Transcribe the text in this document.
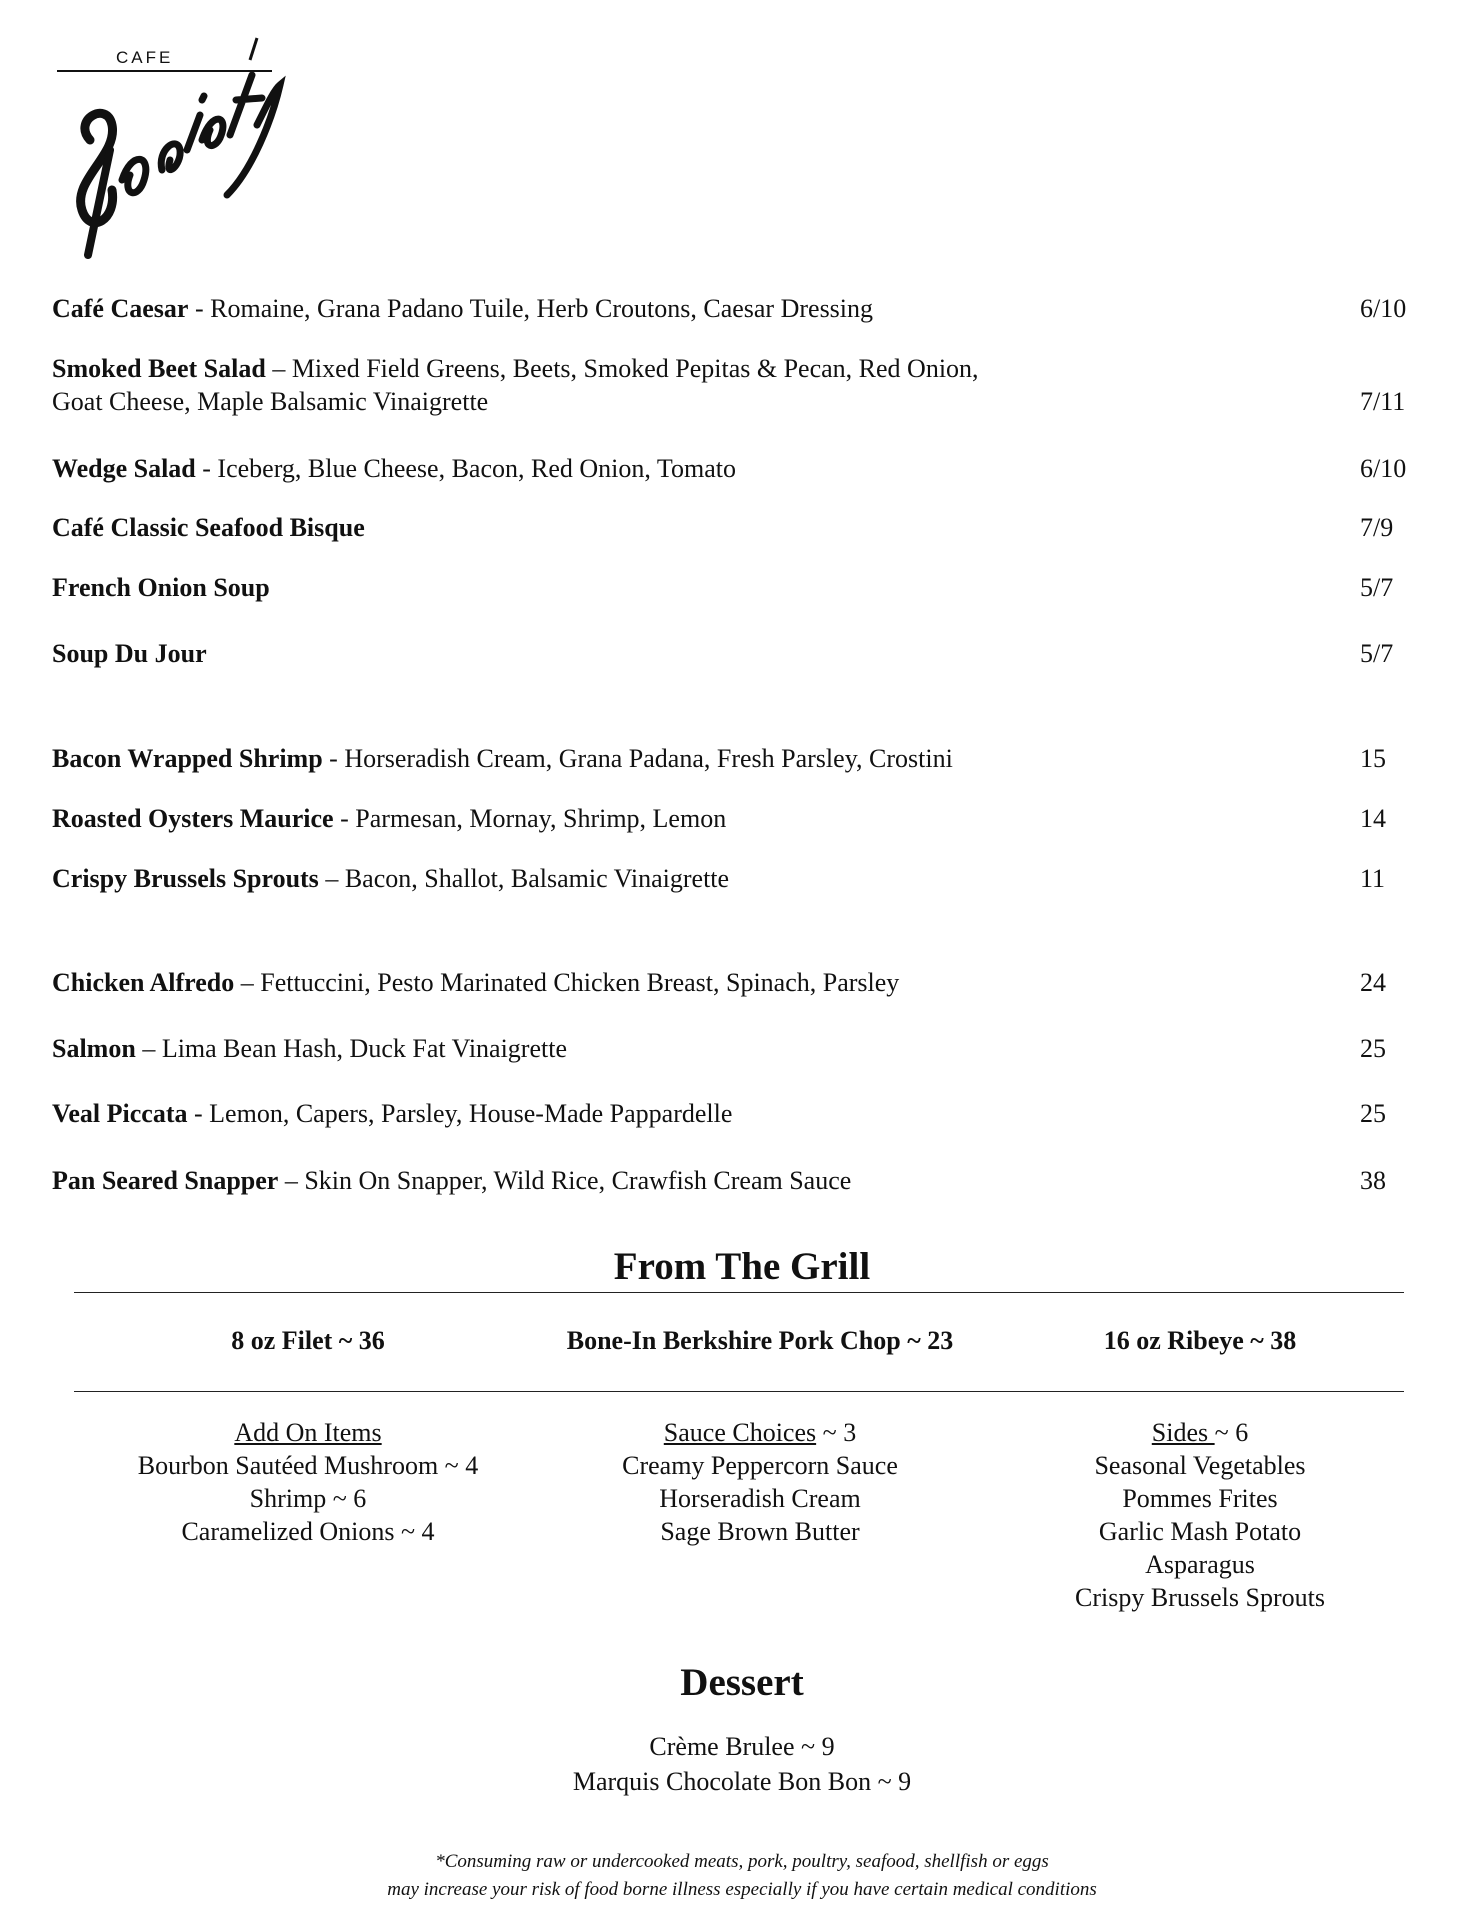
CAFE
Café Caesar - Romaine, Grana Padano Tuile, Herb Croutons, Caesar Dressing	6/10
Smoked Beet Salad – Mixed Field Greens, Beets, Smoked Pepitas & Pecan, Red Onion,
Goat Cheese, Maple Balsamic Vinaigrette	7/11
Wedge Salad - Iceberg, Blue Cheese, Bacon, Red Onion, Tomato	6/10
Café Classic Seafood Bisque	7/9
French Onion Soup	5/7
Soup Du Jour	5/7
Bacon Wrapped Shrimp - Horseradish Cream, Grana Padana, Fresh Parsley, Crostini	15
Roasted Oysters Maurice - Parmesan, Mornay, Shrimp, Lemon	14
Crispy Brussels Sprouts – Bacon, Shallot, Balsamic Vinaigrette	11
Chicken Alfredo – Fettuccini, Pesto Marinated Chicken Breast, Spinach, Parsley	24
Salmon – Lima Bean Hash, Duck Fat Vinaigrette	25
Veal Piccata - Lemon, Capers, Parsley, House-Made Pappardelle	25
Pan Seared Snapper – Skin On Snapper, Wild Rice, Crawfish Cream Sauce	38
From The Grill
8 oz Filet ~ 36	Bone-In Berkshire Pork Chop ~ 23	16 oz Ribeye ~ 38
Add On Items
Bourbon Sautéed Mushroom ~ 4
Shrimp ~ 6
Caramelized Onions ~ 4
Sauce Choices ~ 3
Creamy Peppercorn Sauce
Horseradish Cream
Sage Brown Butter
Sides ~ 6
Seasonal Vegetables
Pommes Frites
Garlic Mash Potato
Asparagus
Crispy Brussels Sprouts
Dessert
Crème Brulee ~ 9
Marquis Chocolate Bon Bon ~ 9
*Consuming raw or undercooked meats, pork, poultry, seafood, shellfish or eggs
may increase your risk of food borne illness especially if you have certain medical conditions
